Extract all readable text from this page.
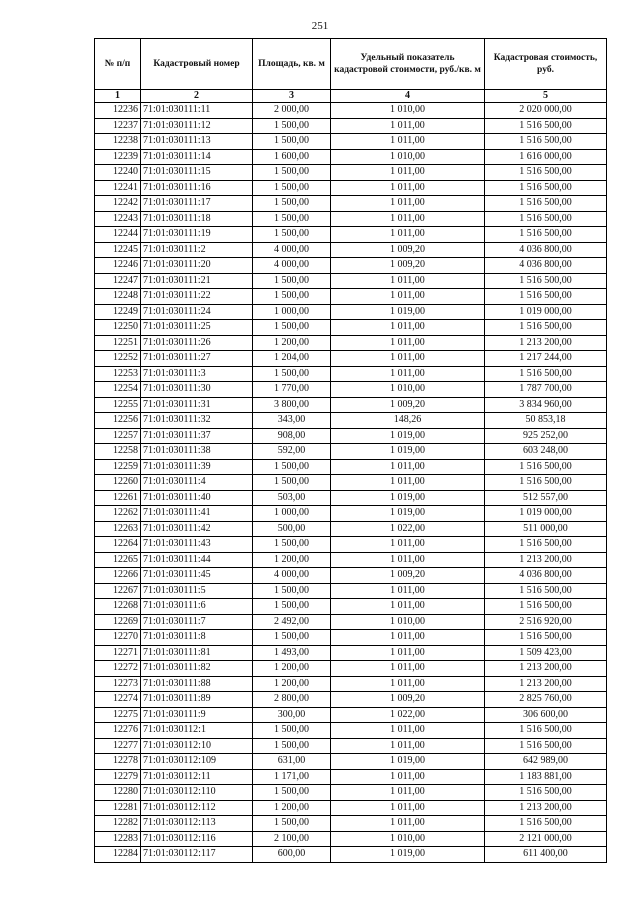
251
№ п/п	Кадастровый номер	Площадь, кв. м	Удельный показатель кадастровой стоимости, руб./кв. м	Кадастровая стоимость, руб.
1	2	3	4	5
12236	71:01:030111:11	2 000,00	1 010,00	2 020 000,00
12237	71:01:030111:12	1 500,00	1 011,00	1 516 500,00
12238	71:01:030111:13	1 500,00	1 011,00	1 516 500,00
12239	71:01:030111:14	1 600,00	1 010,00	1 616 000,00
12240	71:01:030111:15	1 500,00	1 011,00	1 516 500,00
12241	71:01:030111:16	1 500,00	1 011,00	1 516 500,00
12242	71:01:030111:17	1 500,00	1 011,00	1 516 500,00
12243	71:01:030111:18	1 500,00	1 011,00	1 516 500,00
12244	71:01:030111:19	1 500,00	1 011,00	1 516 500,00
12245	71:01:030111:2	4 000,00	1 009,20	4 036 800,00
12246	71:01:030111:20	4 000,00	1 009,20	4 036 800,00
12247	71:01:030111:21	1 500,00	1 011,00	1 516 500,00
12248	71:01:030111:22	1 500,00	1 011,00	1 516 500,00
12249	71:01:030111:24	1 000,00	1 019,00	1 019 000,00
12250	71:01:030111:25	1 500,00	1 011,00	1 516 500,00
12251	71:01:030111:26	1 200,00	1 011,00	1 213 200,00
12252	71:01:030111:27	1 204,00	1 011,00	1 217 244,00
12253	71:01:030111:3	1 500,00	1 011,00	1 516 500,00
12254	71:01:030111:30	1 770,00	1 010,00	1 787 700,00
12255	71:01:030111:31	3 800,00	1 009,20	3 834 960,00
12256	71:01:030111:32	343,00	148,26	50 853,18
12257	71:01:030111:37	908,00	1 019,00	925 252,00
12258	71:01:030111:38	592,00	1 019,00	603 248,00
12259	71:01:030111:39	1 500,00	1 011,00	1 516 500,00
12260	71:01:030111:4	1 500,00	1 011,00	1 516 500,00
12261	71:01:030111:40	503,00	1 019,00	512 557,00
12262	71:01:030111:41	1 000,00	1 019,00	1 019 000,00
12263	71:01:030111:42	500,00	1 022,00	511 000,00
12264	71:01:030111:43	1 500,00	1 011,00	1 516 500,00
12265	71:01:030111:44	1 200,00	1 011,00	1 213 200,00
12266	71:01:030111:45	4 000,00	1 009,20	4 036 800,00
12267	71:01:030111:5	1 500,00	1 011,00	1 516 500,00
12268	71:01:030111:6	1 500,00	1 011,00	1 516 500,00
12269	71:01:030111:7	2 492,00	1 010,00	2 516 920,00
12270	71:01:030111:8	1 500,00	1 011,00	1 516 500,00
12271	71:01:030111:81	1 493,00	1 011,00	1 509 423,00
12272	71:01:030111:82	1 200,00	1 011,00	1 213 200,00
12273	71:01:030111:88	1 200,00	1 011,00	1 213 200,00
12274	71:01:030111:89	2 800,00	1 009,20	2 825 760,00
12275	71:01:030111:9	300,00	1 022,00	306 600,00
12276	71:01:030112:1	1 500,00	1 011,00	1 516 500,00
12277	71:01:030112:10	1 500,00	1 011,00	1 516 500,00
12278	71:01:030112:109	631,00	1 019,00	642 989,00
12279	71:01:030112:11	1 171,00	1 011,00	1 183 881,00
12280	71:01:030112:110	1 500,00	1 011,00	1 516 500,00
12281	71:01:030112:112	1 200,00	1 011,00	1 213 200,00
12282	71:01:030112:113	1 500,00	1 011,00	1 516 500,00
12283	71:01:030112:116	2 100,00	1 010,00	2 121 000,00
12284	71:01:030112:117	600,00	1 019,00	611 400,00
